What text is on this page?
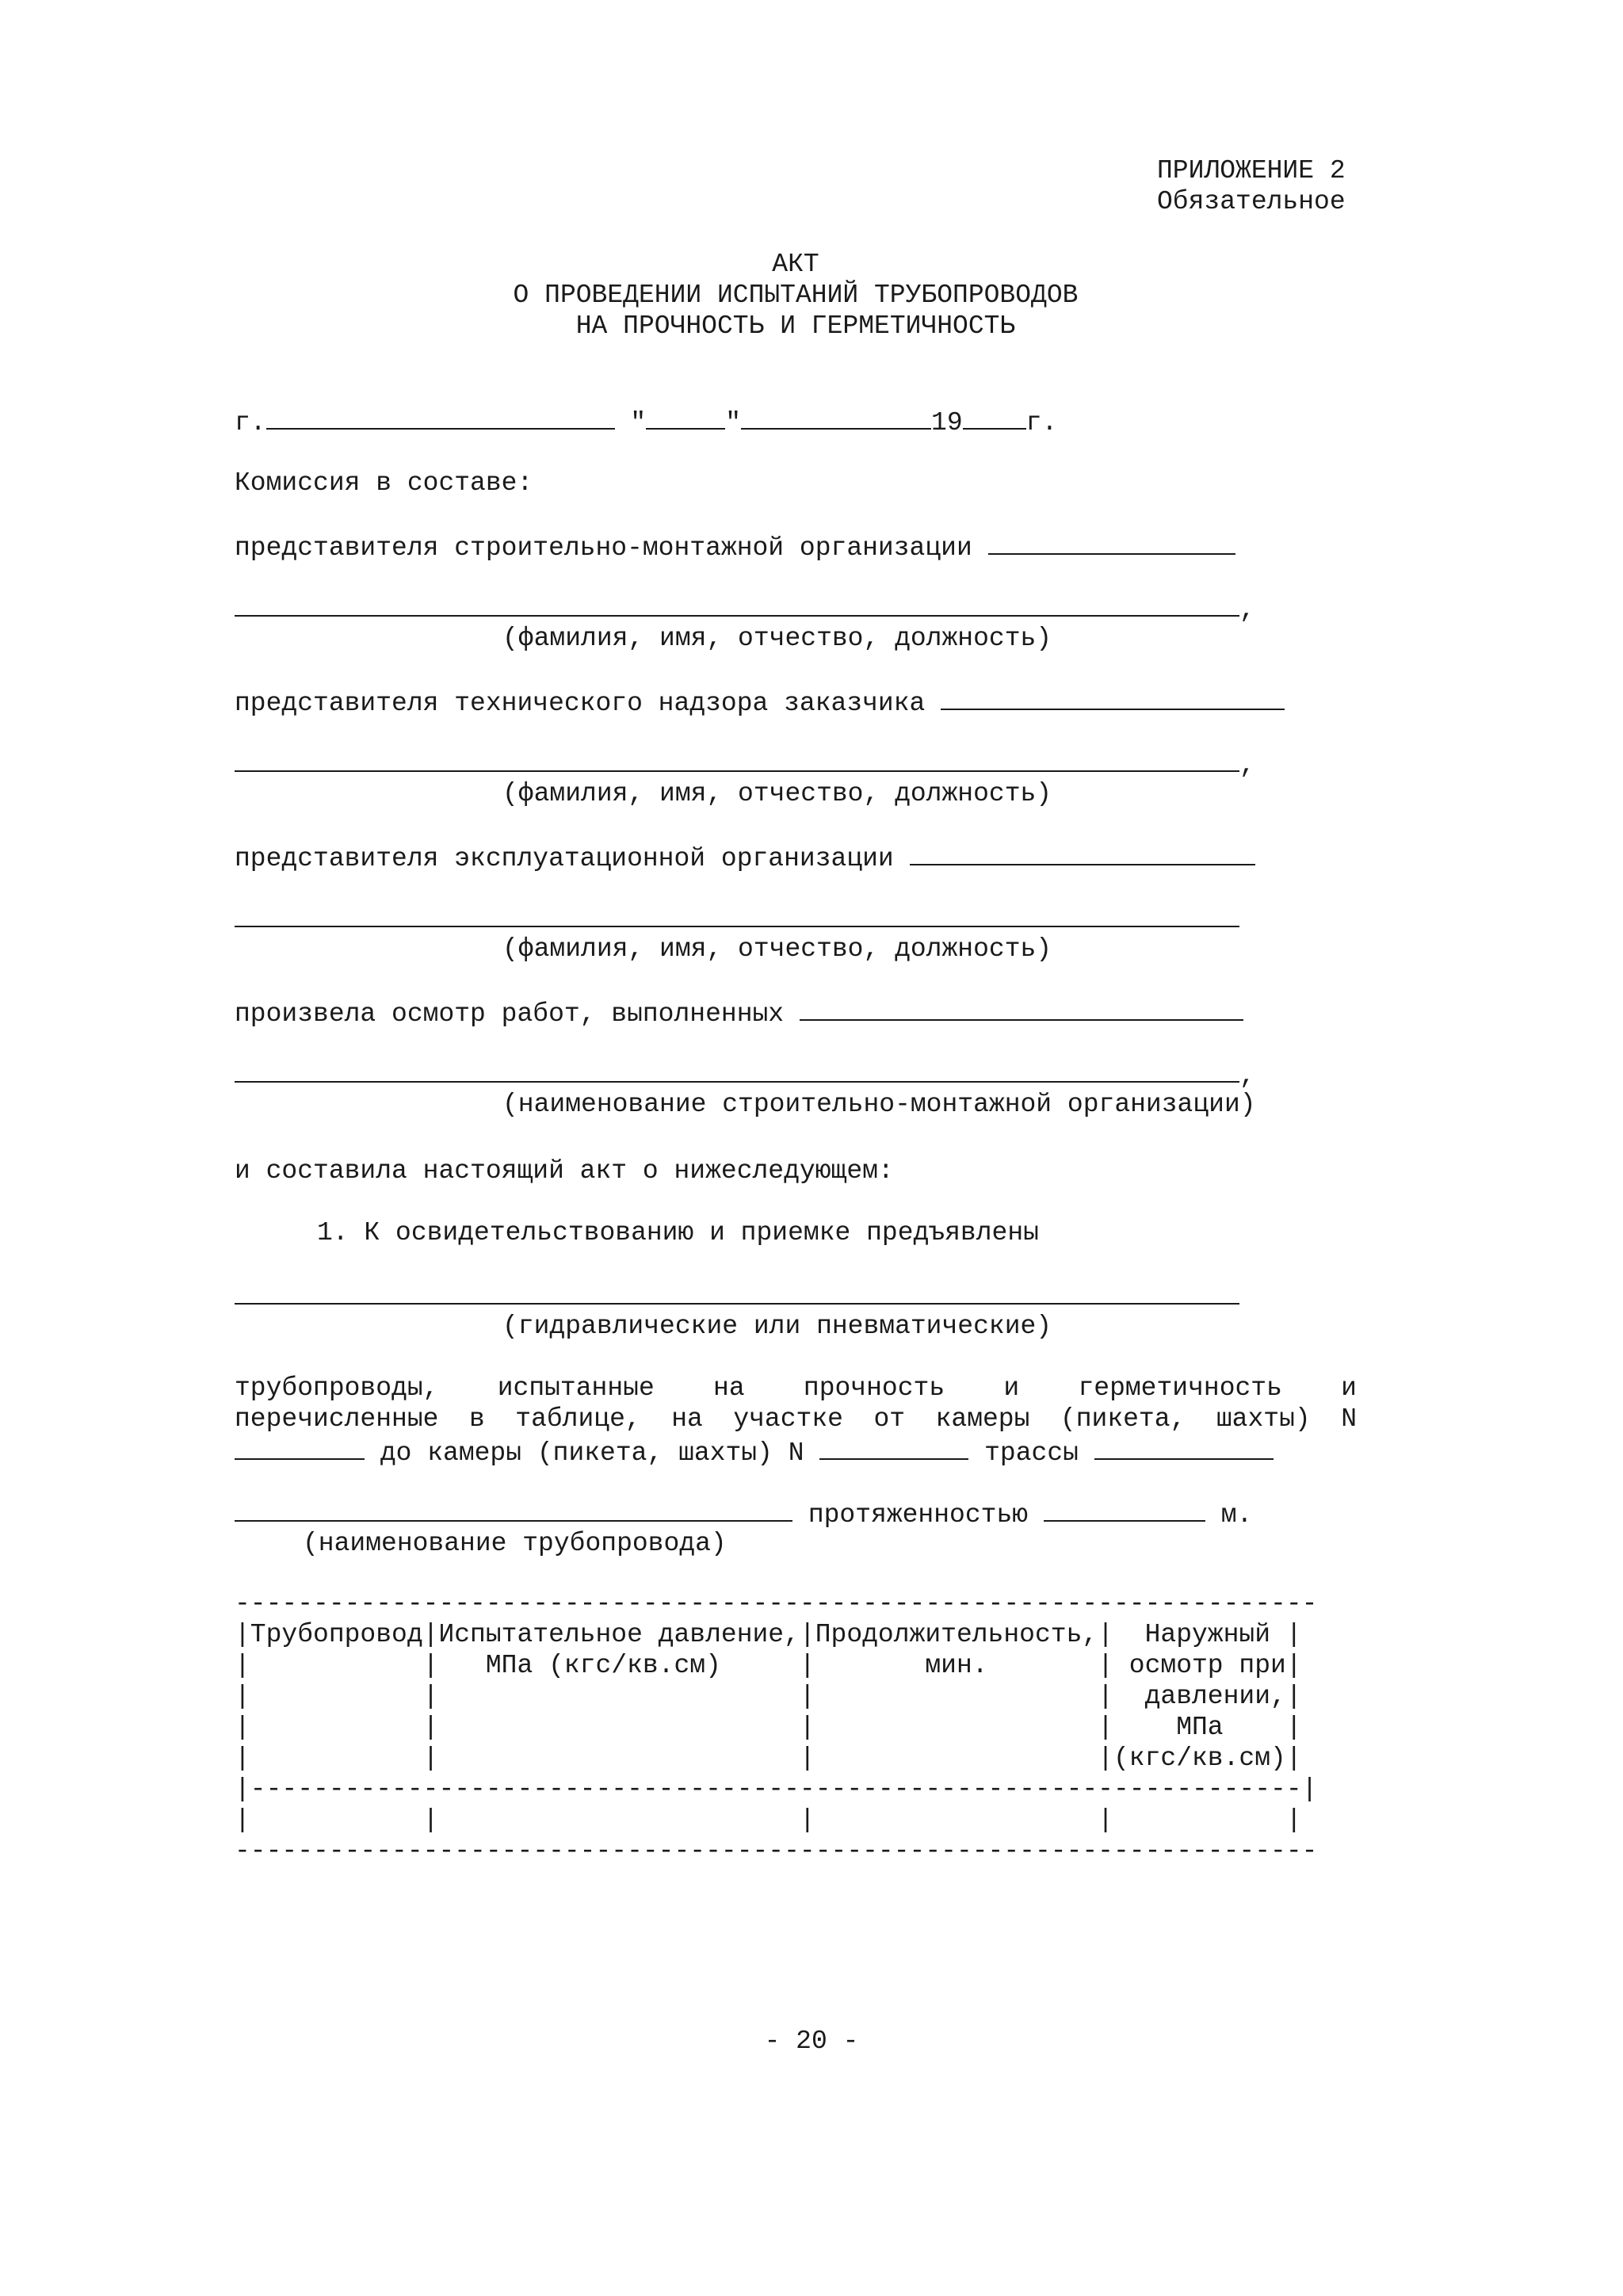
ПРИЛОЖЕНИЕ 2
Обязательное
АКТ
О ПРОВЕДЕНИИ ИСПЫТАНИЙ ТРУБОПРОВОДОВ
НА ПРОЧНОСТЬ И ГЕРМЕТИЧНОСТЬ
г.	"	"	19 г.
Комиссия в составе:
представителя строительно-монтажной организации
,
(фамилия, имя, отчество, должность)
представителя технического надзора заказчика
,
(фамилия, имя, отчество, должность)
представителя эксплуатационной организации
(фамилия, имя, отчество, должность)
произвела осмотр работ, выполненных
,
(наименование строительно-монтажной организации)
и составила настоящий акт о нижеследующем:
1. К освидетельствованию и приемке предъявлены
(гидравлические или пневматические)
трубопроводы, испытанные на прочность и герметичность и
перечисленные в таблице, на участке от камеры (пикета, шахты) N
до камеры (пикета, шахты) N	трассы
протяженностью	м.
(наименование трубопровода)
---------------------------------------------------------------------
|Трубопровод|Испытательное давление,|Продолжительность,|  Наружный |
|           |   МПа (кгс/кв.см)     |       мин.       | осмотр при|
|           |                       |                  |  давлении,|
|           |                       |                  |    МПа    |
|           |                       |                  |(кгс/кв.см)|
|-------------------------------------------------------------------|
|           |                       |                  |           |
---------------------------------------------------------------------
- 20 -
